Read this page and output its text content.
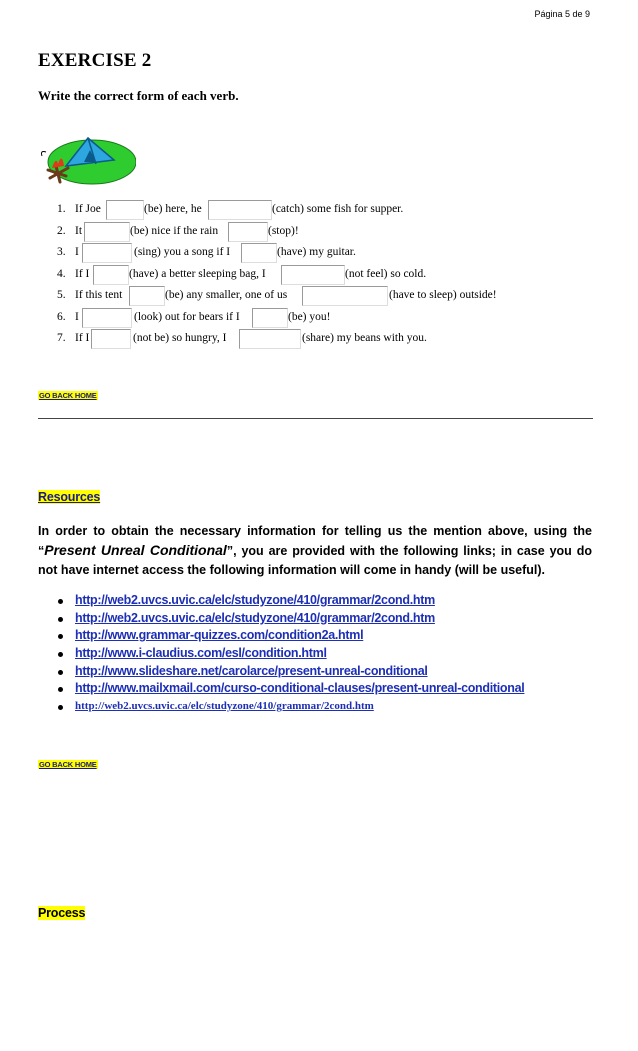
Página 5 de 9
EXERCISE 2
Write the correct form of each verb.
1. If Joe	(be) here, he	(catch) some fish for supper.
2. It	(be) nice if the rain	(stop)!
3. I	(sing) you a song if I	(have) my guitar.
4. If I	(have) a better sleeping bag, I	(not feel) so cold.
5. If this tent	(be) any smaller, one of us	(have to sleep) outside!
6. I	(look) out for bears if I	(be) you!
7. If I	(not be) so hungry, I	(share) my beans with you.
GO BACK HOME
Resources
In order to obtain the necessary information for telling us the mention above, using the “Present Unreal Conditional”, you are provided with the following links; in case you do not have internet access the following information will come in handy (will be useful).
http://web2.uvcs.uvic.ca/elc/studyzone/410/grammar/2cond.htm
http://web2.uvcs.uvic.ca/elc/studyzone/410/grammar/2cond.htm
http://www.grammar-quizzes.com/condition2a.html
http://www.i-claudius.com/esl/condition.html
http://www.slideshare.net/carolarce/present-unreal-conditional
http://www.mailxmail.com/curso-conditional-clauses/present-unreal-conditional
http://web2.uvcs.uvic.ca/elc/studyzone/410/grammar/2cond.htm
GO BACK HOME
Process
